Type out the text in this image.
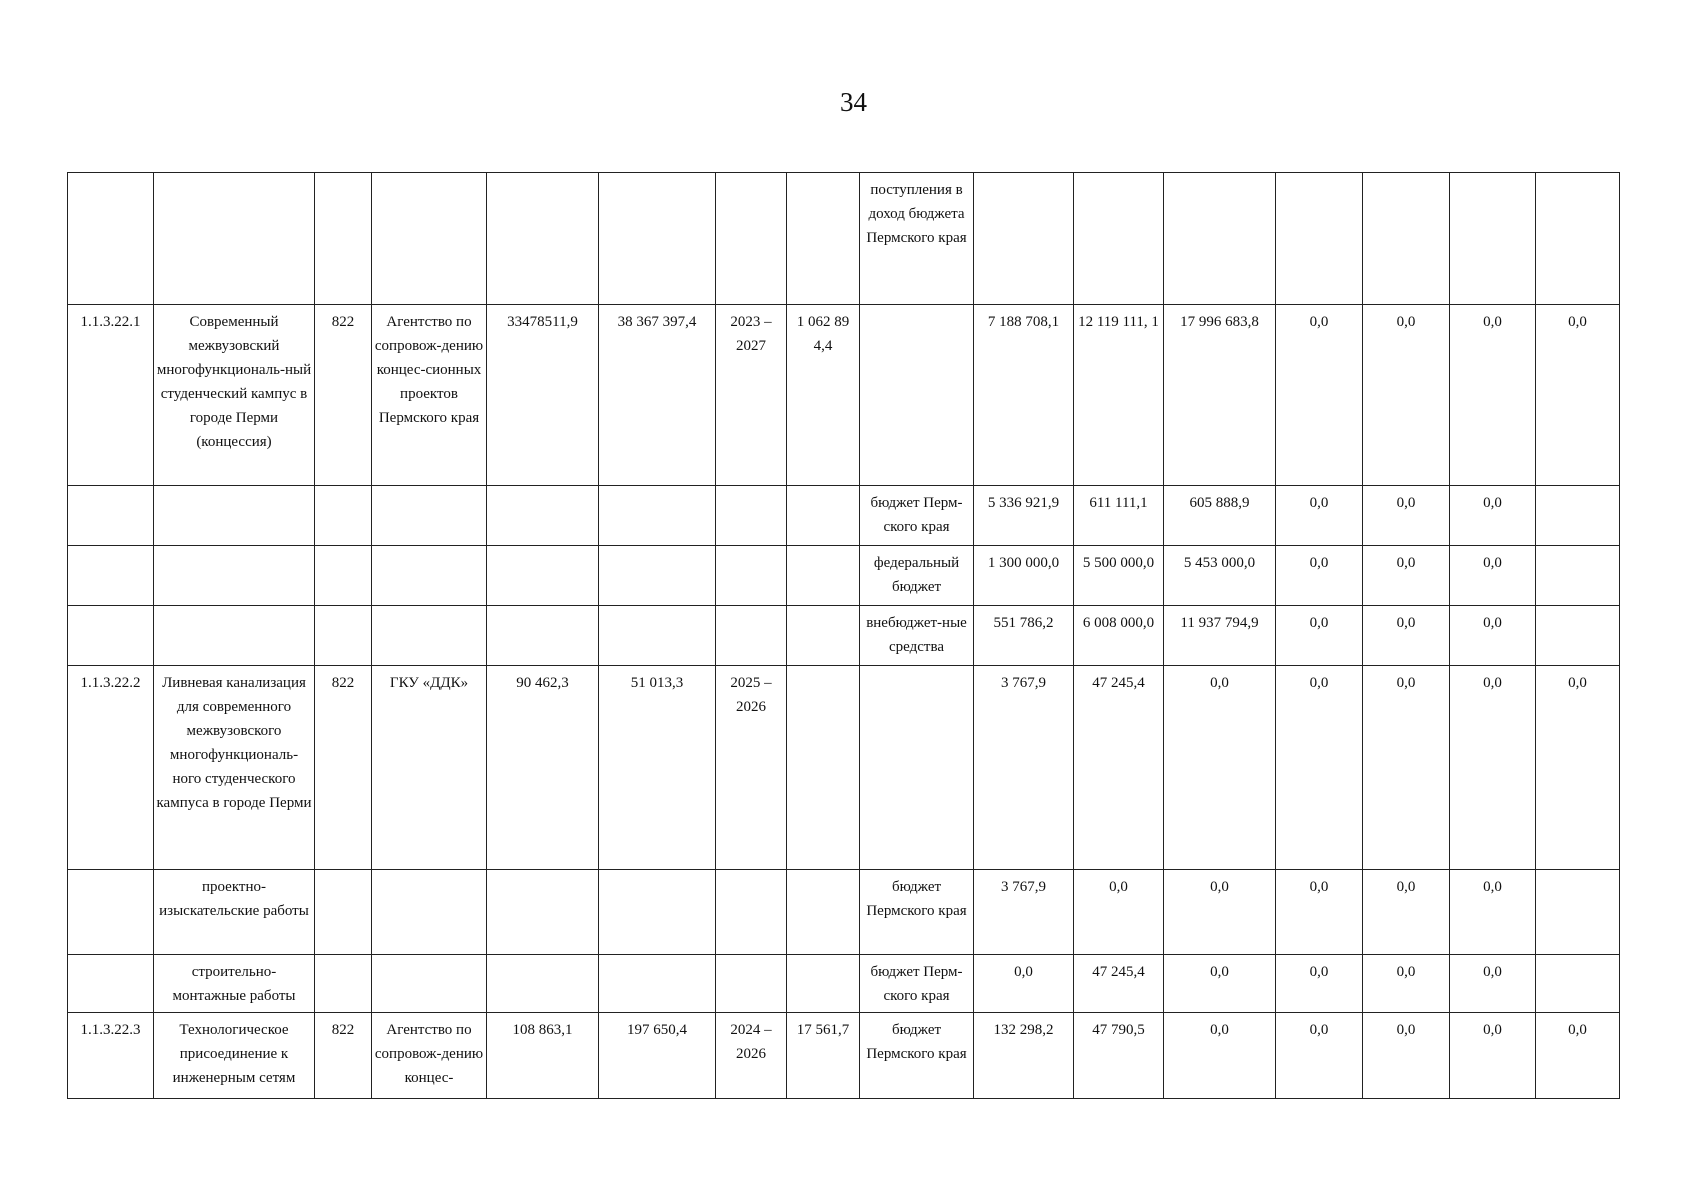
34
								поступления в доход бюджета Пермского края							
1.1.3.22.1	Современный межвузовский многофункциональ-ный студенческий кампус в городе Перми (концессия)	822	Агентство по сопровож-дению концес-сионных проектов Пермского края	33478511,9	38 367 397,4	2023 – 2027	1 062 89 4,4		7 188 708,1	12 119 111, 1	17 996 683,8	0,0	0,0	0,0	0,0
								бюджет Перм-ского края	5 336 921,9	611 111,1	605 888,9	0,0	0,0	0,0	
								федеральный бюджет	1 300 000,0	5 500 000,0	5 453 000,0	0,0	0,0	0,0	
								внебюджет-ные средства	551 786,2	6 008 000,0	11 937 794,9	0,0	0,0	0,0	
1.1.3.22.2	Ливневая канализация для современного межвузовского многофункциональ-ного студенческого кампуса в городе Перми	822	ГКУ «ДДК»	90 462,3	51 013,3	2025 – 2026			3 767,9	47 245,4	0,0	0,0	0,0	0,0	0,0
	проектно-изыскательские работы							бюджет Пермского края	3 767,9	0,0	0,0	0,0	0,0	0,0	
	строительно-монтажные работы							бюджет Перм-ского края	0,0	47 245,4	0,0	0,0	0,0	0,0	
1.1.3.22.3	Технологическое присоединение к инженерным сетям	822	Агентство по сопровож-дению концес-	108 863,1	197 650,4	2024 – 2026	17 561,7	бюджет Пермского края	132 298,2	47 790,5	0,0	0,0	0,0	0,0	0,0
